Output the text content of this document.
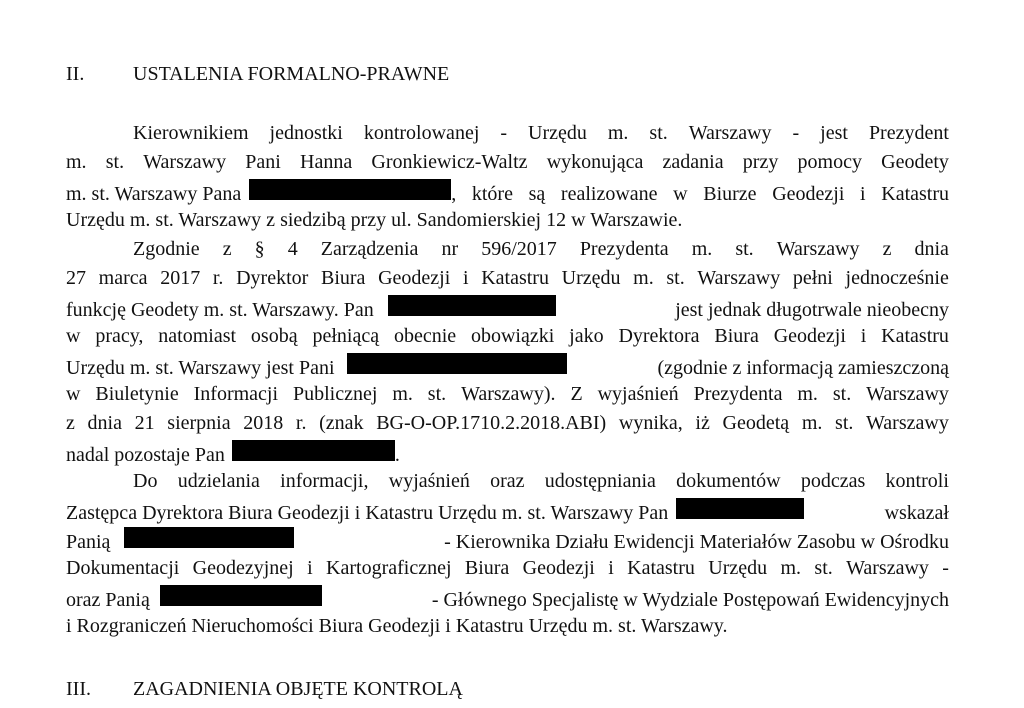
II.	USTALENIA FORMALNO-PRAWNE
Kierownikiem jednostki kontrolowanej - Urzędu m. st. Warszawy - jest Prezydent
m. st. Warszawy Pani Hanna Gronkiewicz-Waltz wykonująca zadania przy pomocy Geodety
m. st. Warszawy Pana	, które są realizowane w Biurze Geodezji i Katastru
Urzędu m. st. Warszawy z siedzibą przy ul. Sandomierskiej 12 w Warszawie.
Zgodnie z § 4 Zarządzenia nr 596/2017 Prezydenta m. st. Warszawy z dnia
27 marca 2017 r. Dyrektor Biura Geodezji i Katastru Urzędu m. st. Warszawy pełni jednocześnie
funkcję Geodety m. st. Warszawy. Pan	jest jednak długotrwale nieobecny
w pracy, natomiast osobą pełniącą obecnie obowiązki jako Dyrektora Biura Geodezji i Katastru
Urzędu m. st. Warszawy jest Pani	(zgodnie z informacją zamieszczoną
w Biuletynie Informacji Publicznej m. st. Warszawy). Z wyjaśnień Prezydenta m. st. Warszawy
z dnia 21 sierpnia 2018 r. (znak BG-O-OP.1710.2.2018.ABI) wynika, iż Geodetą m. st. Warszawy
nadal pozostaje Pan	.
Do udzielania informacji, wyjaśnień oraz udostępniania dokumentów podczas kontroli
Zastępca Dyrektora Biura Geodezji i Katastru Urzędu m. st. Warszawy Pan	wskazał
Panią	- Kierownika Działu Ewidencji Materiałów Zasobu w Ośrodku
Dokumentacji Geodezyjnej i Kartograficznej Biura Geodezji i Katastru Urzędu m. st. Warszawy -
oraz Panią	- Głównego Specjalistę w Wydziale Postępowań Ewidencyjnych
i Rozgraniczeń Nieruchomości Biura Geodezji i Katastru Urzędu m. st. Warszawy.
III.	ZAGADNIENIA OBJĘTE KONTROLĄ
